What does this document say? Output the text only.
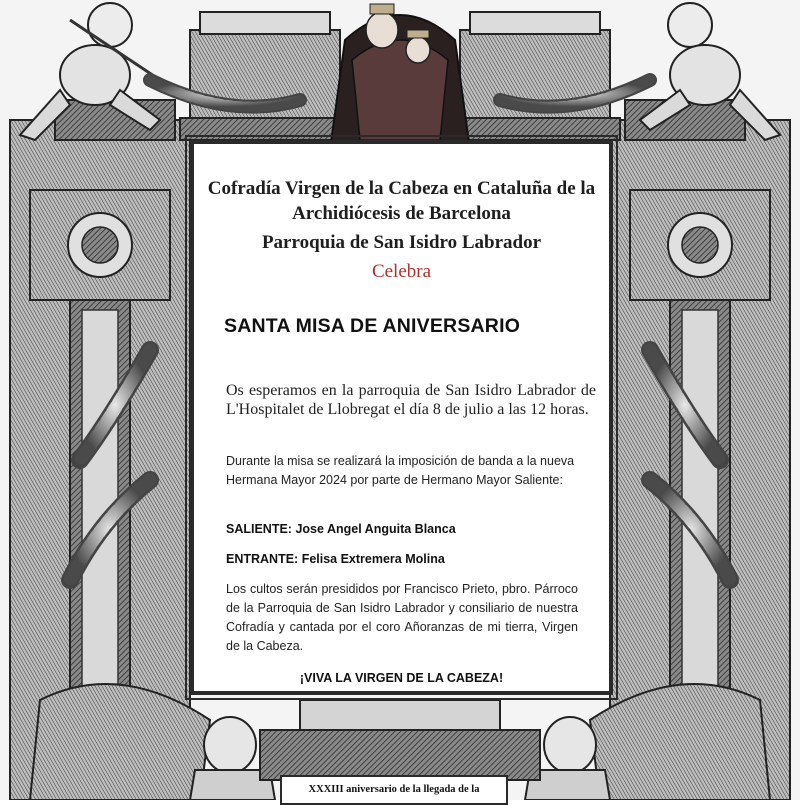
Cofradía Virgen de la Cabeza en Cataluña de la
Archidiócesis de Barcelona
Parroquia de San Isidro Labrador
Celebra
SANTA MISA DE ANIVERSARIO
Os esperamos en la parroquia de San Isidro Labrador de L'Hospitalet de Llobregat el día 8 de julio a las 12 horas.
Durante la misa se realizará la imposición de banda a la nueva Hermana Mayor 2024 por parte de Hermano Mayor Saliente:
SALIENTE: Jose Angel Anguita Blanca
ENTRANTE: Felisa Extremera Molina
Los cultos serán presididos por Francisco Prieto, pbro. Párroco de la Parroquia de San Isidro Labrador y consiliario de nuestra Cofradía y cantada por el coro Añoranzas de mi tierra, Virgen de la Cabeza.
¡VIVA LA VIRGEN DE LA CABEZA!
XXXIII aniversario de la llegada de la
